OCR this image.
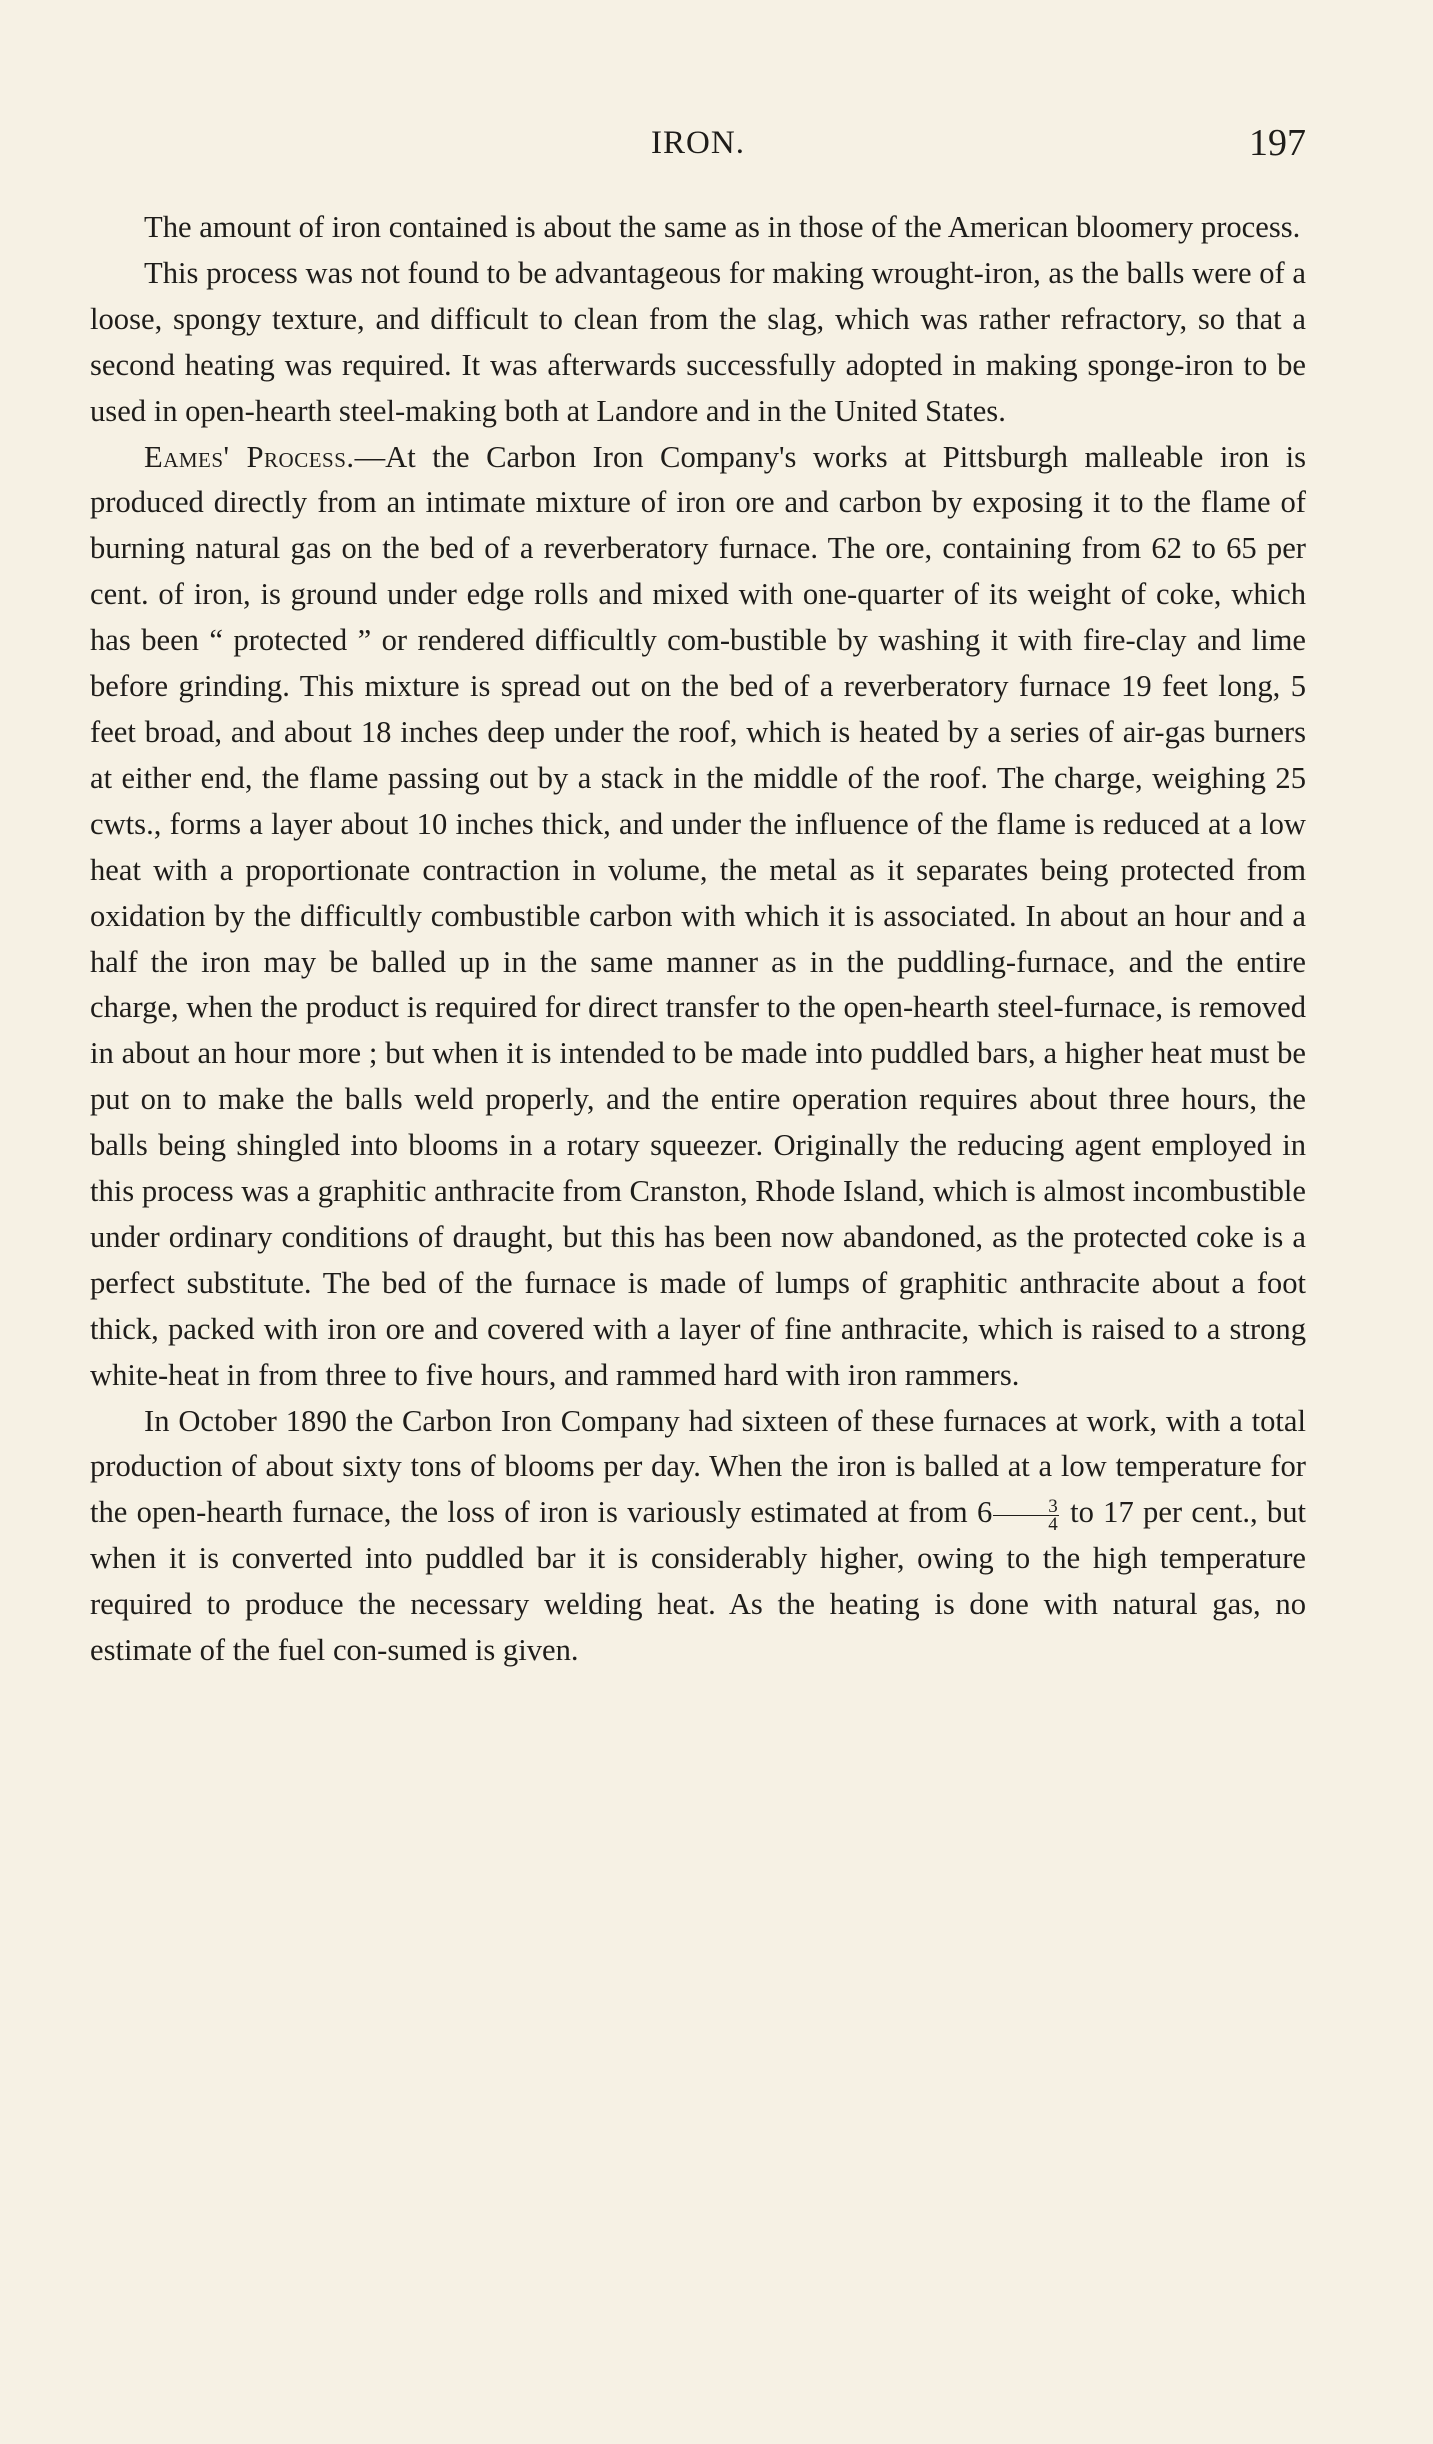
IRON.	197

The amount of iron contained is about the same as in those of the American bloomery process.

This process was not found to be advantageous for making wrought-iron, as the balls were of a loose, spongy texture, and difficult to clean from the slag, which was rather refractory, so that a second heating was required. It was afterwards successfully adopted in making sponge-iron to be used in open-hearth steel-making both at Landore and in the United States.

Eames' Process.—At the Carbon Iron Company's works at Pittsburgh malleable iron is produced directly from an intimate mixture of iron ore and carbon by exposing it to the flame of burning natural gas on the bed of a reverberatory furnace. The ore, containing from 62 to 65 per cent. of iron, is ground under edge rolls and mixed with one-quarter of its weight of coke, which has been “ protected ” or rendered difficultly com-bustible by washing it with fire-clay and lime before grinding. This mixture is spread out on the bed of a reverberatory furnace 19 feet long, 5 feet broad, and about 18 inches deep under the roof, which is heated by a series of air-gas burners at either end, the flame passing out by a stack in the middle of the roof. The charge, weighing 25 cwts., forms a layer about 10 inches thick, and under the influence of the flame is reduced at a low heat with a proportionate contraction in volume, the metal as it separates being protected from oxidation by the difficultly combustible carbon with which it is associated. In about an hour and a half the iron may be balled up in the same manner as in the puddling-furnace, and the entire charge, when the product is required for direct transfer to the open-hearth steel-furnace, is removed in about an hour more ; but when it is intended to be made into puddled bars, a higher heat must be put on to make the balls weld properly, and the entire operation requires about three hours, the balls being shingled into blooms in a rotary squeezer. Originally the reducing agent employed in this process was a graphitic anthracite from Cranston, Rhode Island, which is almost incombustible under ordinary conditions of draught, but this has been now abandoned, as the protected coke is a perfect substitute. The bed of the furnace is made of lumps of graphitic anthracite about a foot thick, packed with iron ore and covered with a layer of fine anthracite, which is raised to a strong white-heat in from three to five hours, and rammed hard with iron rammers.

In October 1890 the Carbon Iron Company had sixteen of these furnaces at work, with a total production of about sixty tons of blooms per day. When the iron is balled at a low temperature for the open-hearth furnace, the loss of iron is variously estimated at from $6 \frac{3}{4}$ to 17 per cent., but when it is converted into puddled bar it is considerably higher, owing to the high temperature required to produce the necessary welding heat. As the heating is done with natural gas, no estimate of the fuel con-sumed is given.
